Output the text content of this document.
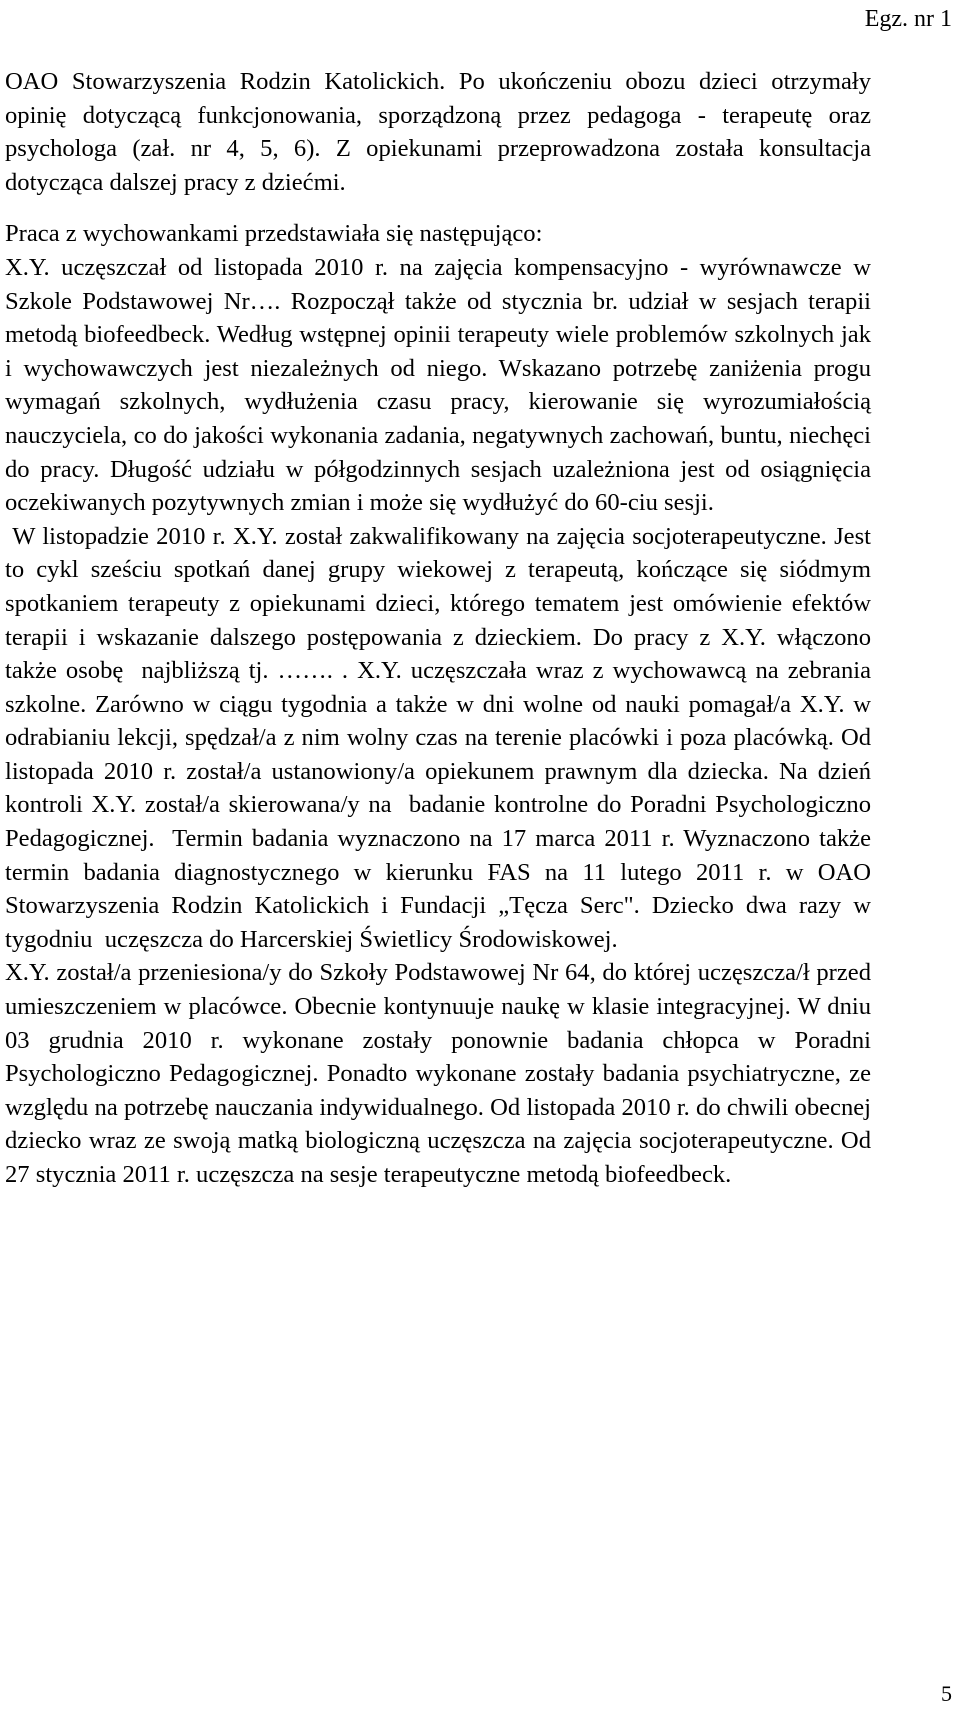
Egz. nr 1

OAO Stowarzyszenia Rodzin Katolickich. Po ukończeniu obozu dzieci otrzymały opinię dotyczącą funkcjonowania, sporządzoną przez pedagoga - terapeutę oraz psychologa (zał. nr 4, 5, 6). Z opiekunami przeprowadzona została konsultacja dotycząca dalszej pracy z dziećmi.

Praca z wychowankami przedstawiała się następująco:

X.Y. uczęszczał od listopada 2010 r. na zajęcia kompensacyjno - wyrównawcze w Szkole Podstawowej Nr…. Rozpoczął także od stycznia br. udział w sesjach terapii metodą biofeedbeck. Według wstępnej opinii terapeuty wiele problemów szkolnych jak i wychowawczych jest niezależnych od niego. Wskazano potrzebę zaniżenia progu wymagań szkolnych, wydłużenia czasu pracy, kierowanie się wyrozumiałością nauczyciela, co do jakości wykonania zadania, negatywnych zachowań, buntu, niechęci do pracy. Długość udziału w półgodzinnych sesjach uzależniona jest od osiągnięcia oczekiwanych pozytywnych zmian i może się wydłużyć do 60-ciu sesji.

W listopadzie 2010 r. X.Y. został zakwalifikowany na zajęcia socjoterapeutyczne. Jest to cykl sześciu spotkań danej grupy wiekowej z terapeutą, kończące się siódmym spotkaniem terapeuty z opiekunami dzieci, którego tematem jest omówienie efektów terapii i wskazanie dalszego postępowania z dzieckiem. Do pracy z X.Y. włączono także osobę  najbliższą tj. ……. . X.Y. uczęszczała wraz z wychowawcą na zebrania szkolne. Zarówno w ciągu tygodnia a także w dni wolne od nauki pomagał/a X.Y. w odrabianiu lekcji, spędzał/a z nim wolny czas na terenie placówki i poza placówką. Od listopada 2010 r. został/a ustanowiony/a opiekunem prawnym dla dziecka. Na dzień kontroli X.Y. został/a skierowana/y na  badanie kontrolne do Poradni Psychologiczno Pedagogicznej.  Termin badania wyznaczono na 17 marca 2011 r. Wyznaczono także termin badania diagnostycznego w kierunku FAS na 11 lutego 2011 r. w OAO Stowarzyszenia Rodzin Katolickich i Fundacji „Tęcza Serc". Dziecko dwa razy w tygodniu  uczęszcza do Harcerskiej Świetlicy Środowiskowej.

X.Y. został/a przeniesiona/y do Szkoły Podstawowej Nr 64, do której uczęszcza/ł przed umieszczeniem w placówce. Obecnie kontynuuje naukę w klasie integracyjnej. W dniu 03 grudnia 2010 r. wykonane zostały ponownie badania chłopca w Poradni Psychologiczno Pedagogicznej. Ponadto wykonane zostały badania psychiatryczne, ze względu na potrzebę nauczania indywidualnego. Od listopada 2010 r. do chwili obecnej dziecko wraz ze swoją matką biologiczną uczęszcza na zajęcia socjoterapeutyczne. Od 27 stycznia 2011 r. uczęszcza na sesje terapeutyczne metodą biofeedbeck.

5
